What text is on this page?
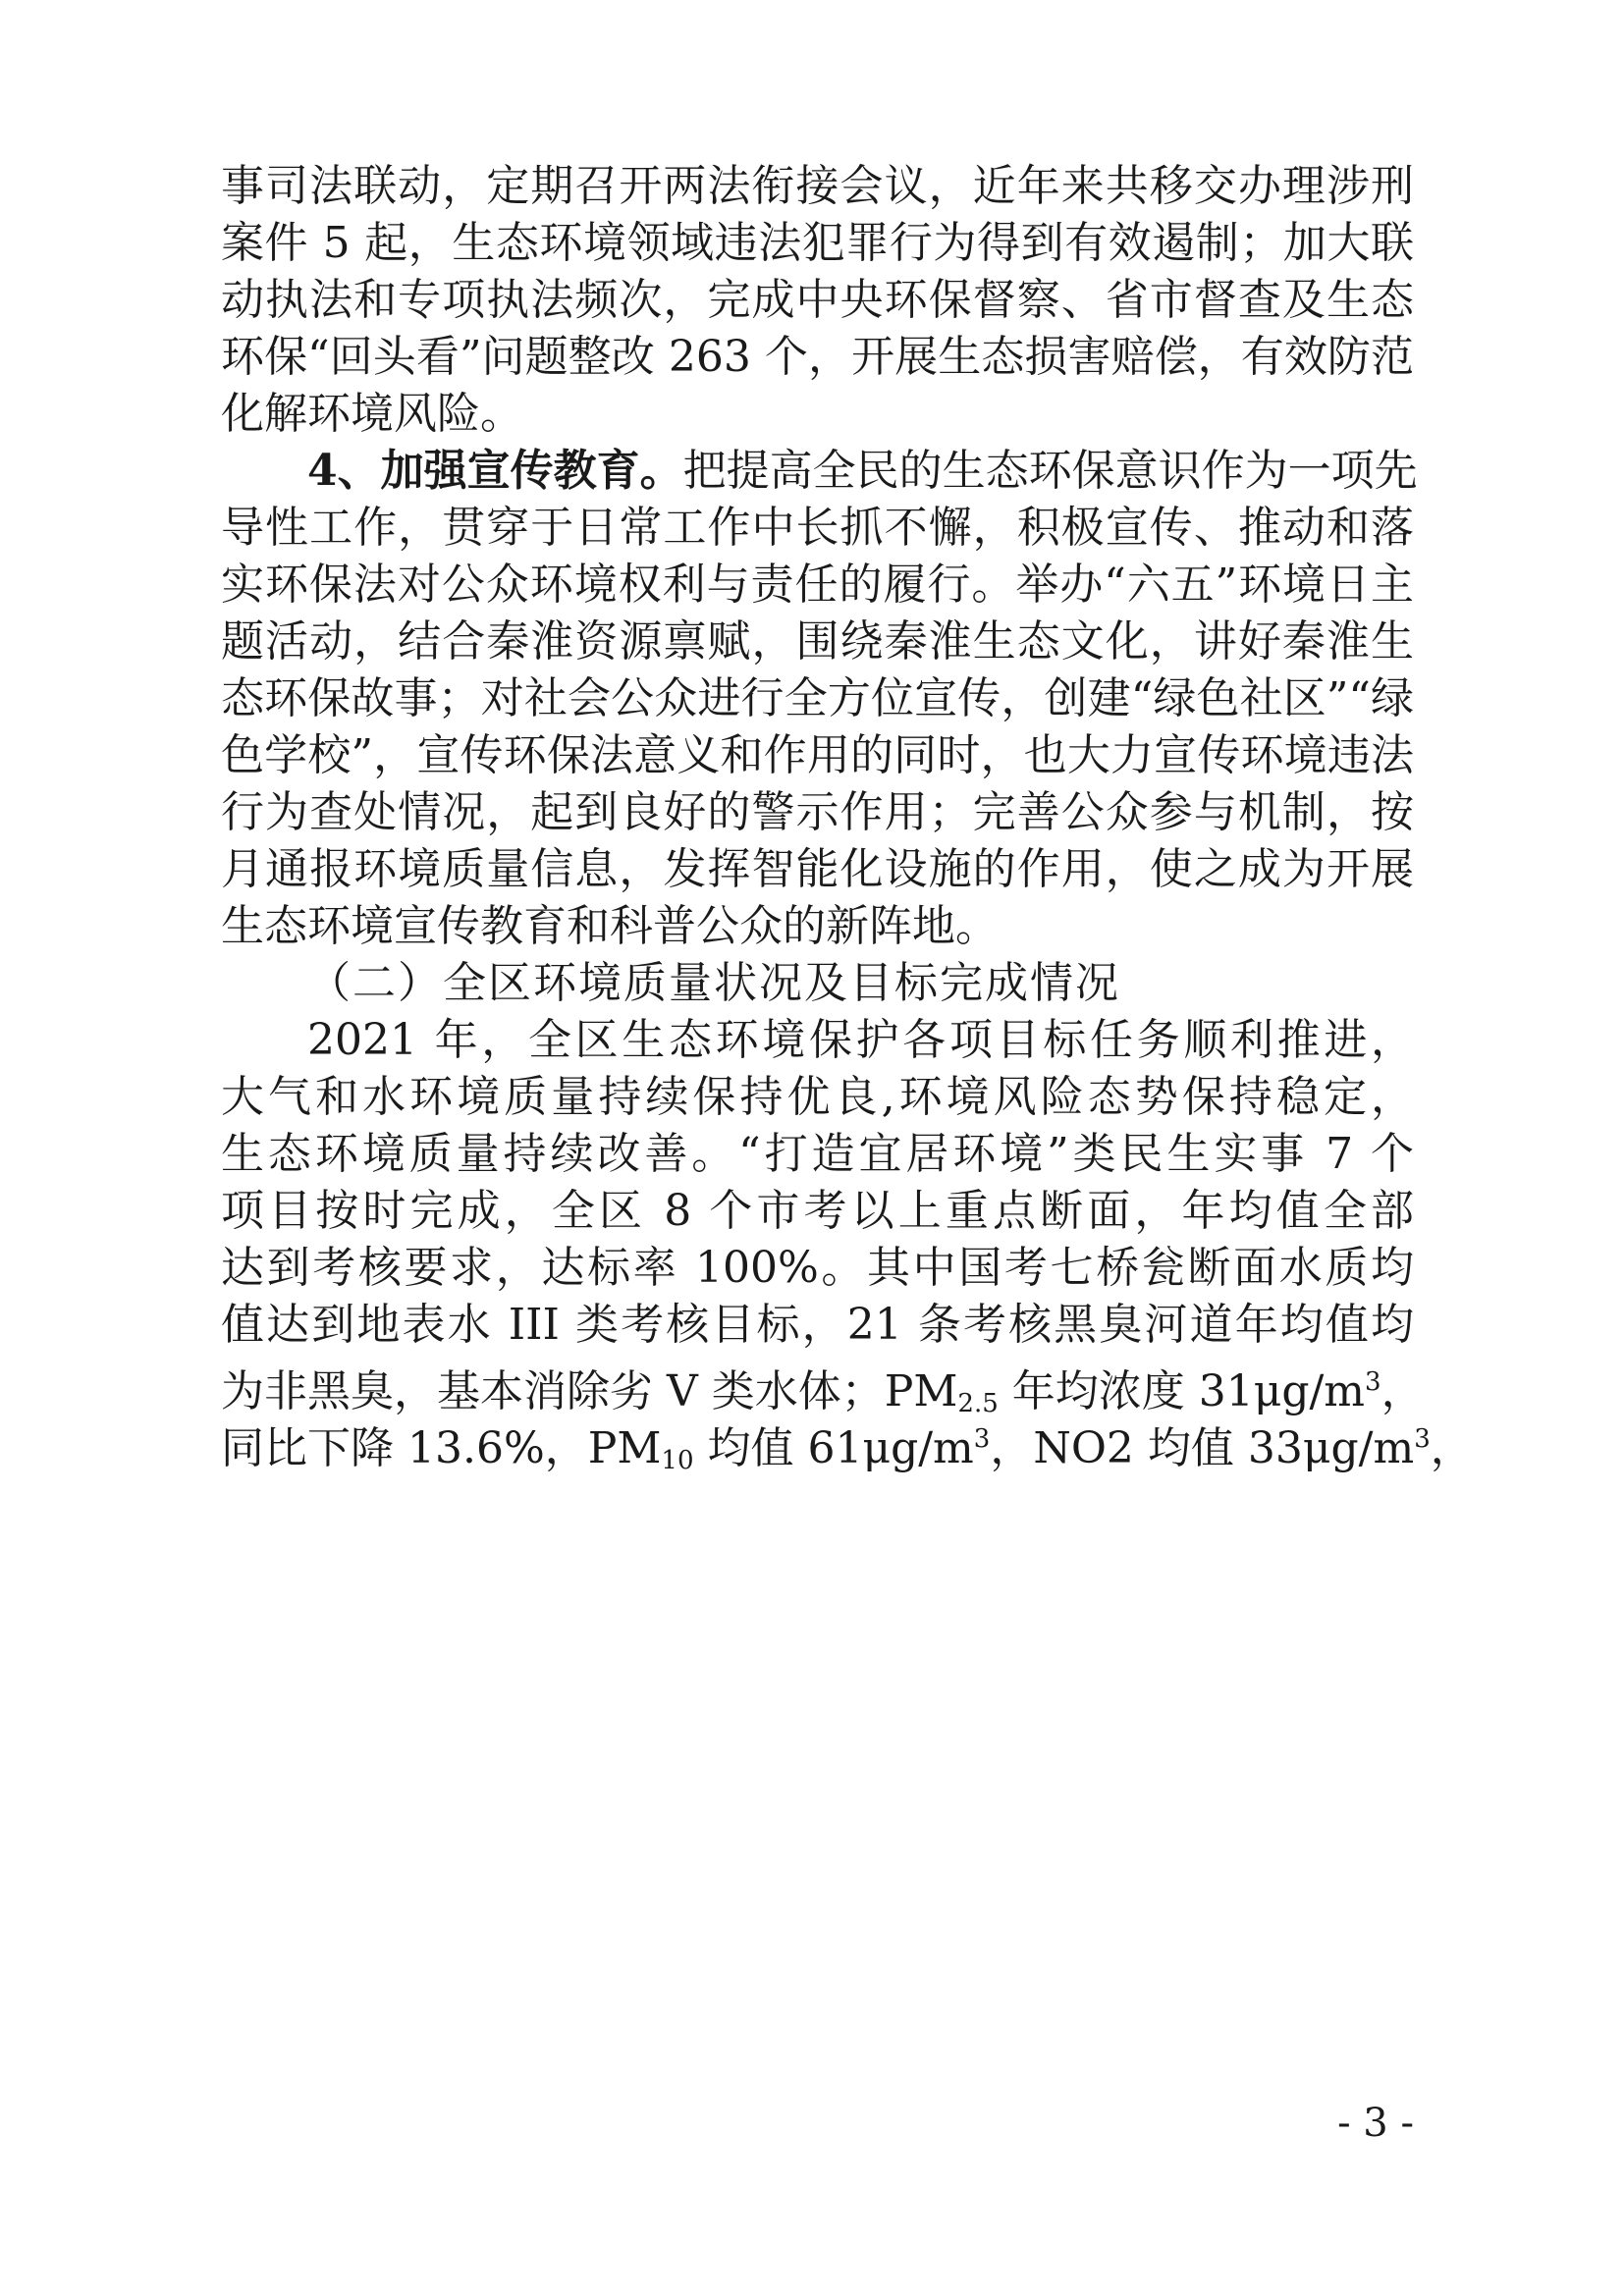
事司法联动，定期召开两法衔接会议，近年来共移交办理涉刑
案件 5 起，生态环境领域违法犯罪行为得到有效遏制；加大联
动执法和专项执法频次，完成中央环保督察、省市督查及生态
环保“回头看”问题整改 263 个，开展生态损害赔偿，有效防范
化解环境风险。
4、加强宣传教育。把提高全民的生态环保意识作为一项先
导性工作，贯穿于日常工作中长抓不懈，积极宣传、推动和落
实环保法对公众环境权利与责任的履行。举办“六五”环境日主
题活动，结合秦淮资源禀赋，围绕秦淮生态文化，讲好秦淮生
态环保故事；对社会公众进行全方位宣传，创建“绿色社区”“绿
色学校”，宣传环保法意义和作用的同时，也大力宣传环境违法
行为查处情况，起到良好的警示作用；完善公众参与机制，按
月通报环境质量信息，发挥智能化设施的作用，使之成为开展
生态环境宣传教育和科普公众的新阵地。
（二）全区环境质量状况及目标完成情况
2021 年，全区生态环境保护各项目标任务顺利推进，
大气和水环境质量持续保持优良,环境风险态势保持稳定，
生态环境质量持续改善。“打造宜居环境”类民生实事 7 个
项目按时完成，全区 8 个市考以上重点断面，年均值全部
达到考核要求，达标率 100%。其中国考七桥瓮断面水质均
值达到地表水 III 类考核目标，21 条考核黑臭河道年均值均
为非黑臭，基本消除劣 V 类水体；$PM_{2.5}$ 年均浓度 $31\mu g/m^3$，
同比下降 13.6%，$PM_{10}$ 均值 $61\mu g/m^3$，NO2 均值 $33\mu g/m^3$，
- 3 -
